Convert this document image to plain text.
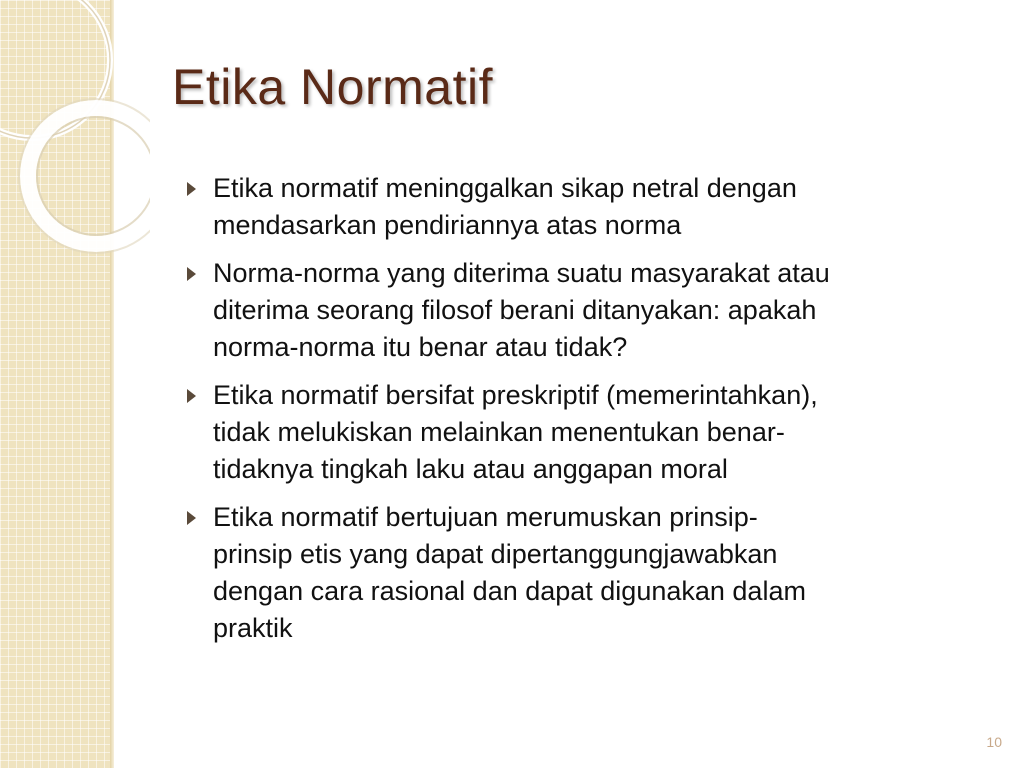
Etika Normatif
Etika normatif meninggalkan sikap netral dengan
mendasarkan pendiriannya atas norma
Norma-norma yang diterima suatu masyarakat atau
diterima seorang filosof berani ditanyakan: apakah
norma-norma itu benar atau tidak?
Etika normatif bersifat preskriptif (memerintahkan),
tidak melukiskan melainkan menentukan benar-
tidaknya tingkah laku atau anggapan moral
Etika normatif bertujuan merumuskan prinsip-
prinsip etis yang dapat dipertanggungjawabkan
dengan cara rasional dan dapat digunakan dalam
praktik
10
